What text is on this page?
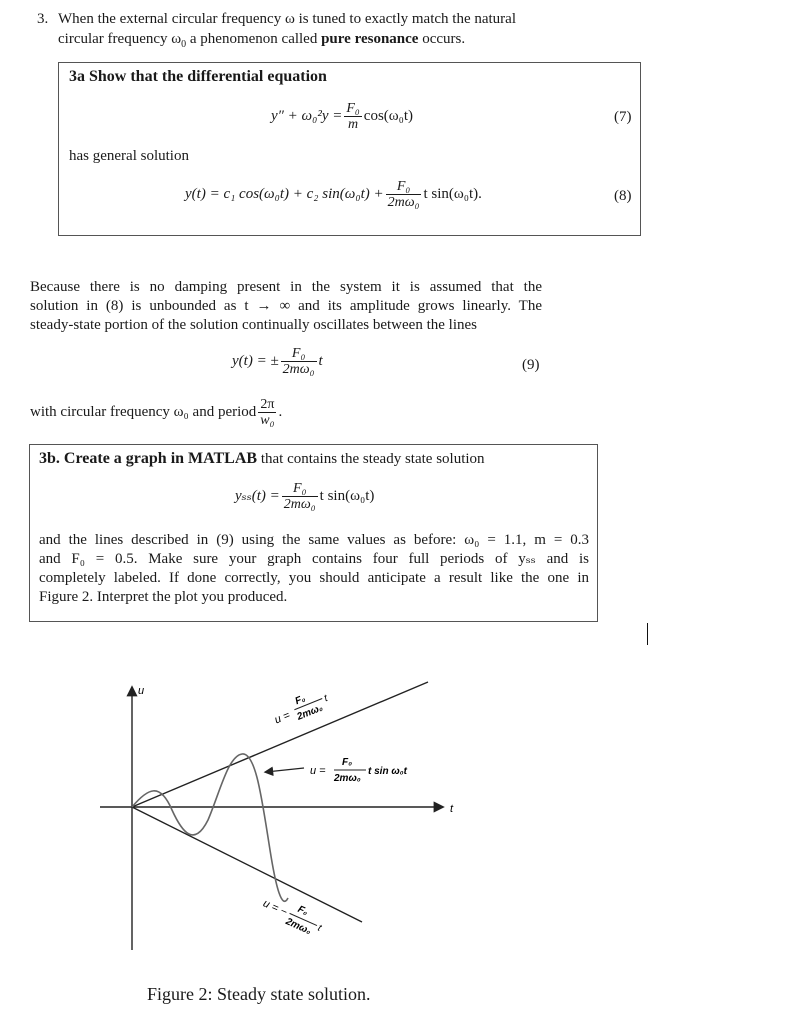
3. When the external circular frequency ω is tuned to exactly match the natural
circular frequency $\omega_0$ a phenomenon called pure resonance occurs.
3a Show that the differential equation
$y'' + \omega_0^2y = \frac{\text{F₀}}{m} \cos(\omega_0t)$	(7)
has general solution
y(t) = c₁ cos(ω₀t) + c₂ $\sin(\omega_0t) + \frac{\text{F₀}}{\text{2mω₀}}$ t sin(ω₀t).	(8)
Because there is no damping present in the system it is assumed that the
solution in (8) is unbounded as t → ∞ and its amplitude grows linearly. The
steady-state portion of the solution continually oscillates between the lines
y(t) = ± $\frac{\text{F₀}}{\text{2mω₀}}$ t	(9)
with circular frequency ω₀ and period $\frac{2\pi}{\text{w₀}}$ .
3b. Create a graph in MATLAB that contains the steady state solution
$y_{ss}(t) = \frac{\text{F₀}}{\text{2mω₀}}$ t sin(ω₀t)
and the lines described in (9) using the same values as before: ω₀ = 1.1, m = 0.3
and F₀ = 0.5. Make sure your graph contains four full periods of yₛₛ and is
completely labeled. If done correctly, you should anticipate a result like the one in
Figure 2. Interpret the plot you produced.
u
t
u =
F₀
2mω₀
t
u =
F₀
2mω₀
t sin ω₀t
u = − F₀
2mω₀ t
Figure 2: Steady state solution.
